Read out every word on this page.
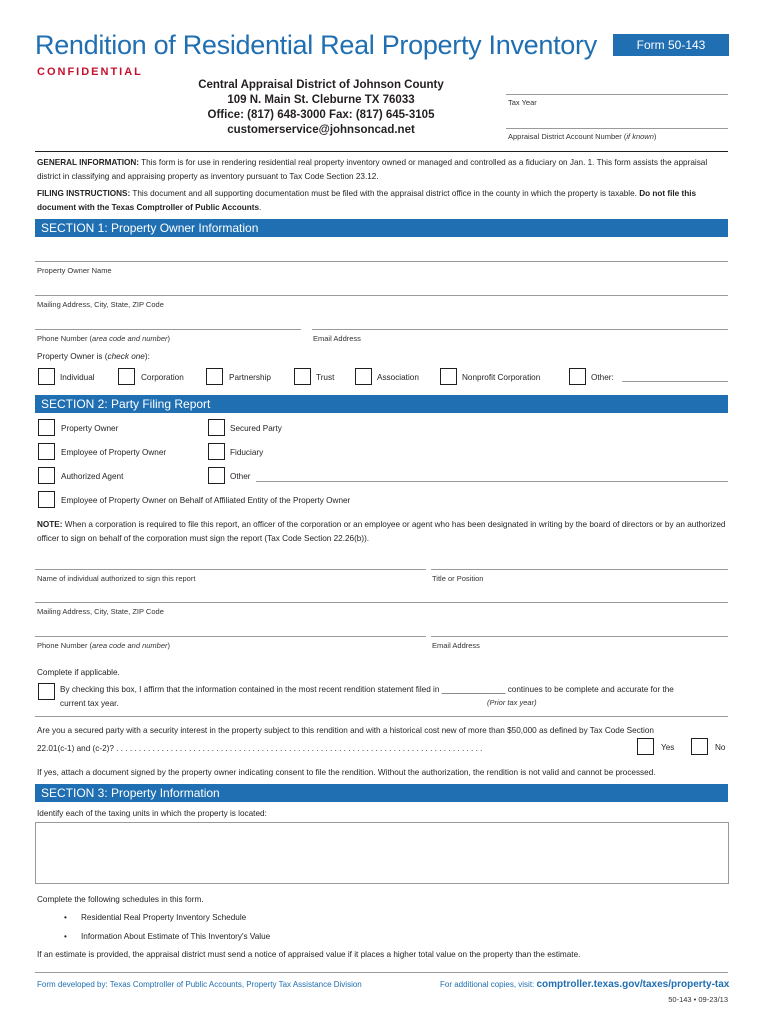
Rendition of Residential Real Property Inventory	Form 50-143
CONFIDENTIAL
Central Appraisal District of Johnson County
109 N. Main St. Cleburne TX 76033
Office: (817) 648-3000 Fax: (817) 645-3105
customerservice@johnsoncad.net
Tax Year
Appraisal District Account Number (if known)
GENERAL INFORMATION: This form is for use in rendering residential real property inventory owned or managed and controlled as a fiduciary on Jan. 1. This form assists the appraisal district in classifying and appraising property as inventory pursuant to Tax Code Section 23.12.
FILING INSTRUCTIONS: This document and all supporting documentation must be filed with the appraisal district office in the county in which the property is taxable. Do not file this document with the Texas Comptroller of Public Accounts.
SECTION 1: Property Owner Information
Property Owner Name
Mailing Address, City, State, ZIP Code
Phone Number (area code and number)	Email Address
Property Owner is (check one):
Individual	Corporation	Partnership	Trust	Association	Nonprofit Corporation	Other:
SECTION 2: Party Filing Report
Property Owner	Secured Party
Employee of Property Owner	Fiduciary
Authorized Agent	Other
Employee of Property Owner on Behalf of Affiliated Entity of the Property Owner
NOTE: When a corporation is required to file this report, an officer of the corporation or an employee or agent who has been designated in writing by the board of directors or by an authorized officer to sign on behalf of the corporation must sign the report (Tax Code Section 22.26(b)).
Name of individual authorized to sign this report	Title or Position
Mailing Address, City, State, ZIP Code
Phone Number (area code and number)	Email Address
Complete if applicable.
By checking this box, I affirm that the information contained in the most recent rendition statement filed in ______________ continues to be complete and accurate for the
current tax year.	(Prior tax year)
Are you a secured party with a security interest in the property subject to this rendition and with a historical cost new of more than $50,000 as defined by Tax Code Section
22.01(c-1) and (c-2)? . . . . . . . . . . . . . . . . . . . . . . . . . . . . . . . . . . . . . . . . . . . . . . . . . . . . . . . . . . . . . . . . . . . . . . . . . . . . . . . . .	Yes	No
If yes, attach a document signed by the property owner indicating consent to file the rendition. Without the authorization, the rendition is not valid and cannot be processed.
SECTION 3: Property Information
Identify each of the taxing units in which the property is located:
Complete the following schedules in this form.
• Residential Real Property Inventory Schedule
• Information About Estimate of This Inventory's Value
If an estimate is provided, the appraisal district must send a notice of appraised value if it places a higher total value on the property than the estimate.
Form developed by: Texas Comptroller of Public Accounts, Property Tax Assistance Division	For additional copies, visit: comptroller.texas.gov/taxes/property-tax
50-143 • 09-23/13
